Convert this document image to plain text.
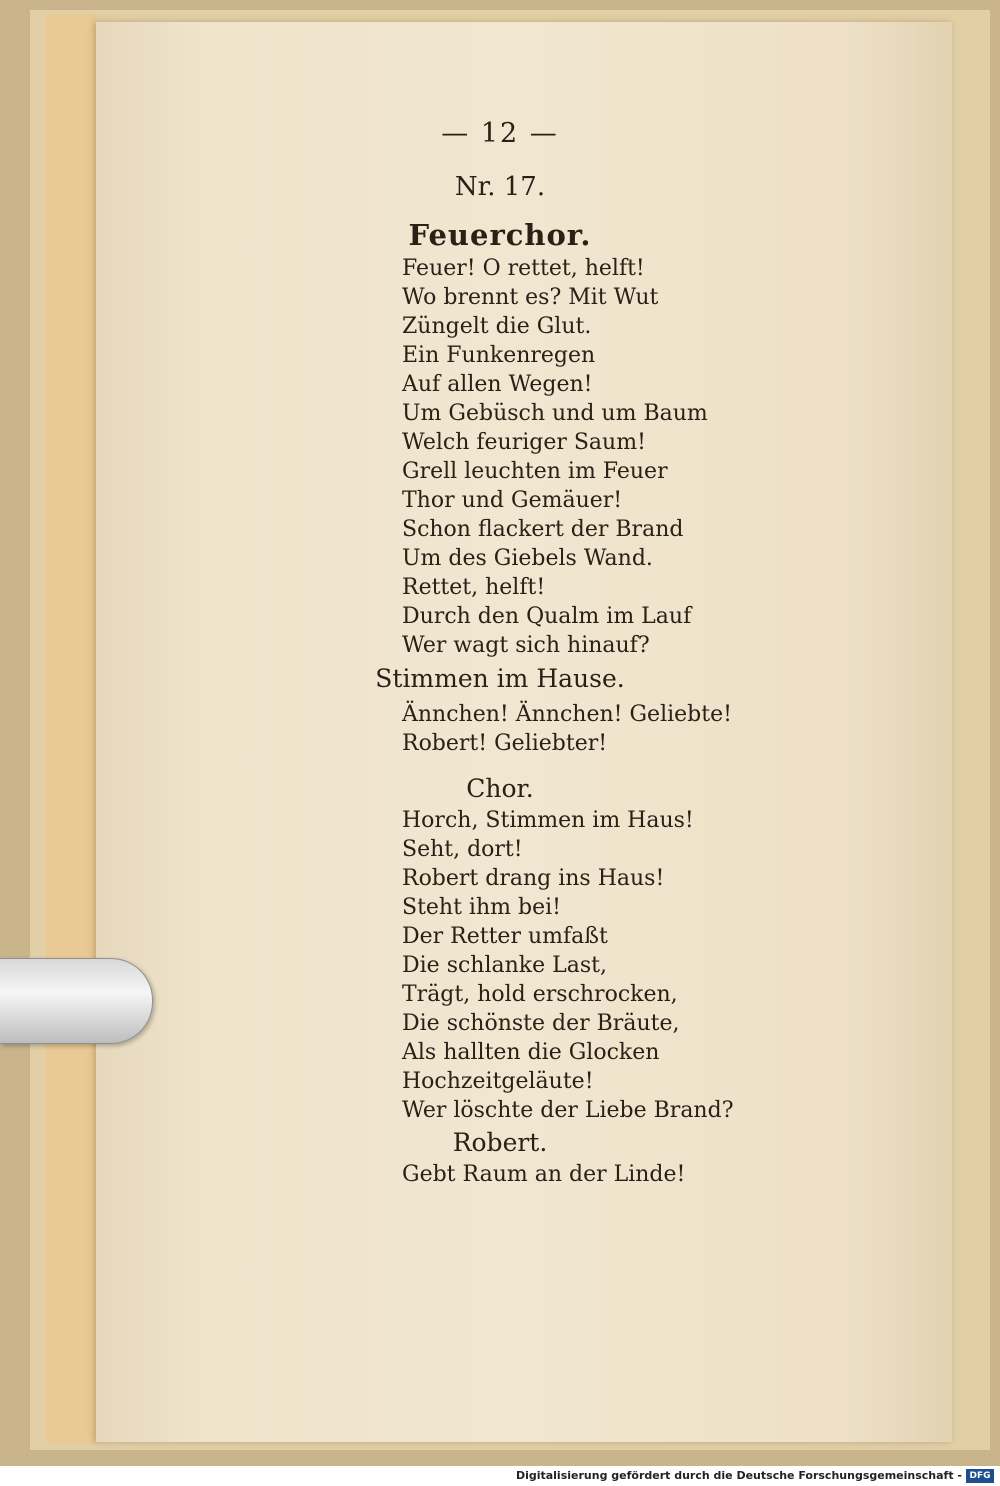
— 12 —
Nr. 17.
Feuerchor.
Feuer! O rettet, helft!
Wo brennt es? Mit Wut
Züngelt die Glut.
Ein Funkenregen
Auf allen Wegen!
Um Gebüsch und um Baum
Welch feuriger Saum!
Grell leuchten im Feuer
Thor und Gemäuer!
Schon flackert der Brand
Um des Giebels Wand.
Rettet, helft!
Durch den Qualm im Lauf
Wer wagt sich hinauf?
Stimmen im Hause.
Ännchen! Ännchen! Geliebte!
Robert! Geliebter!
Chor.
Horch, Stimmen im Haus!
Seht, dort!
Robert drang ins Haus!
Steht ihm bei!
Der Retter umfaßt
Die schlanke Last,
Trägt, hold erschrocken,
Die schönste der Bräute,
Als hallten die Glocken
Hochzeitgeläute!
Wer löschte der Liebe Brand?
Robert.
Gebt Raum an der Linde!
Digitalisierung gefördert durch die Deutsche Forschungsgemeinschaft - DFG
